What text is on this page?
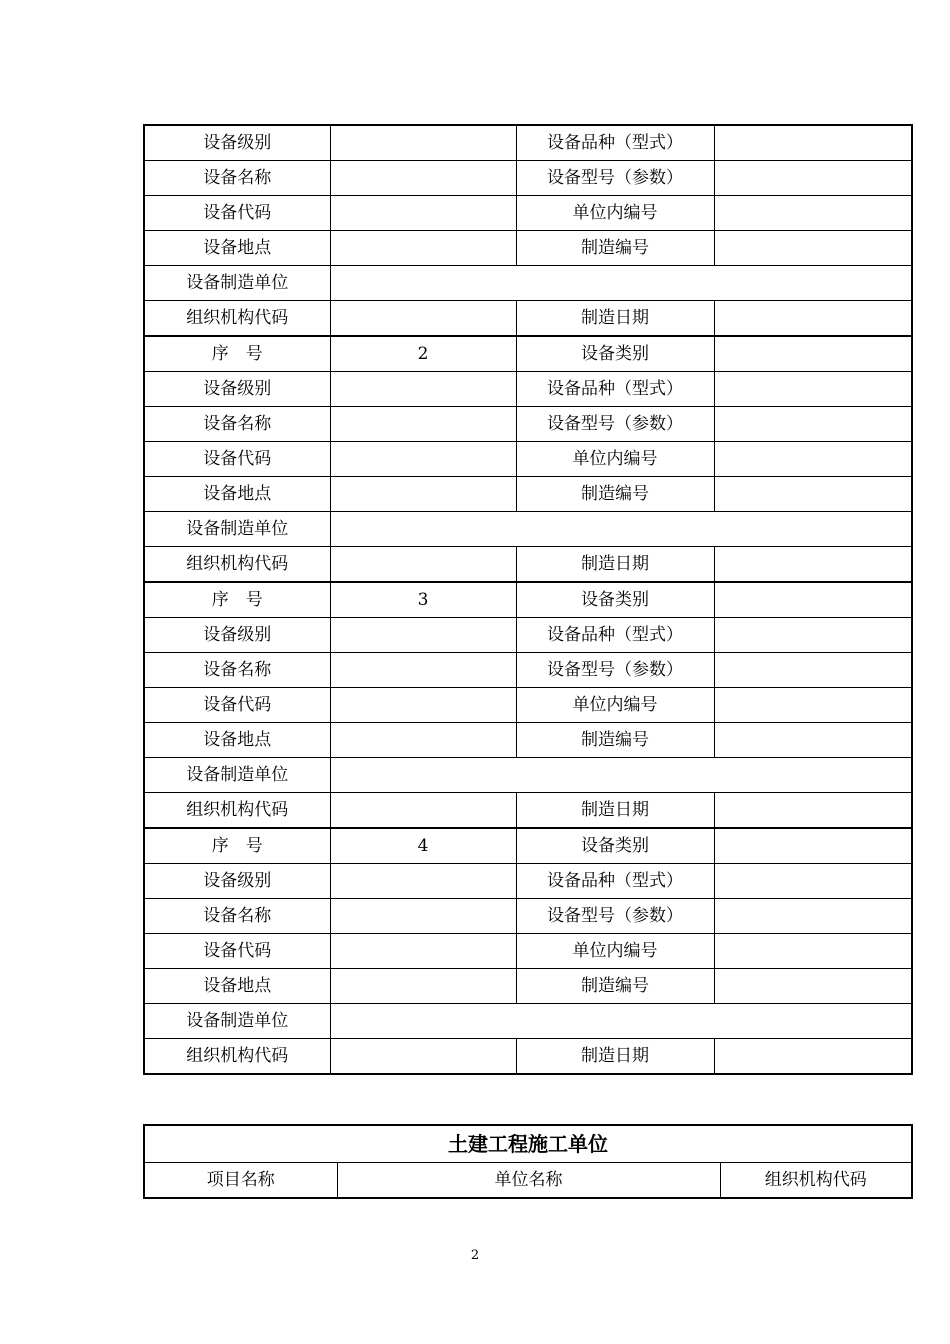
设备级别		设备品种（型式）	
设备名称		设备型号（参数）	
设备代码		单位内编号	
设备地点		制造编号	
设备制造单位			
组织机构代码		制造日期	
序　号	2	设备类别	
设备级别		设备品种（型式）	
设备名称		设备型号（参数）	
设备代码		单位内编号	
设备地点		制造编号	
设备制造单位			
组织机构代码		制造日期	
序　号	3	设备类别	
设备级别		设备品种（型式）	
设备名称		设备型号（参数）	
设备代码		单位内编号	
设备地点		制造编号	
设备制造单位			
组织机构代码		制造日期	
序　号	4	设备类别	
设备级别		设备品种（型式）	
设备名称		设备型号（参数）	
设备代码		单位内编号	
设备地点		制造编号	
设备制造单位			
组织机构代码		制造日期	
土建工程施工单位
项目名称	单位名称	组织机构代码
2
